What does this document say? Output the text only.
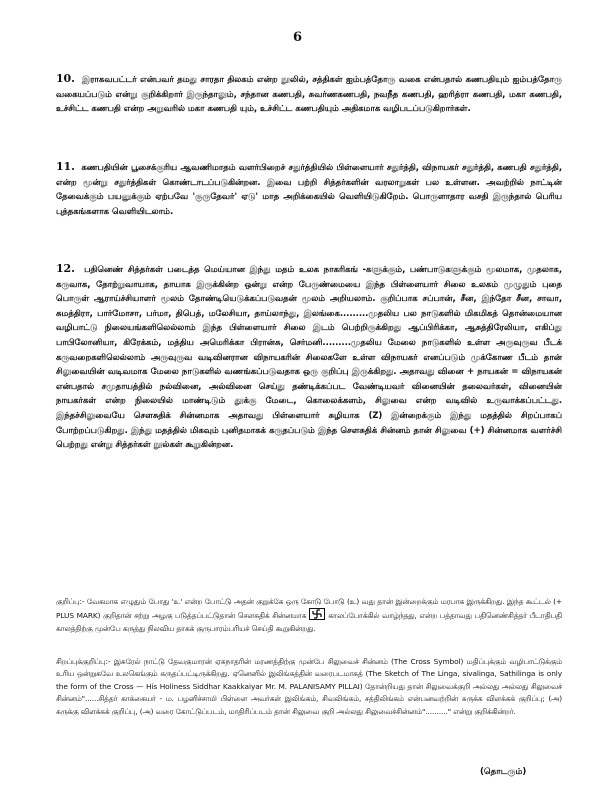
6
10. இராகவபட்டர் என்பவர் தமது சாரதா திலகம் என்ற நூலில், சத்திகள் ஐம்பத்தோரு வகை என்பதால் கணபதியும் ஐம்பத்தோரு வகையப்படும் என்று குறிக்கிறார் இருந்தாலும், சந்தான கணபதி, சுவர்ணகணபதி, நவநீத கணபதி, ஹரித்ரா கணபதி, மகா கணபதி, உச்சிட்ட கணபதி என்ற அறுவரில் மகா கணபதி யும், உச்சிட்ட கணபதியும் அதிகமாக வழிபடப்படுகிறார்கள்.
11. கணபதியின் பூசைக்குரிய ஆவணிமாதம் வளர்பிறைச் சதுர்த்தியில் பிள்ளையார் சதுர்த்தி, விநாயகர் சதுர்த்தி, கணபதி சதுர்த்தி, என்ற மூன்று சதுர்த்திகள் கொண்டாடப்படுகின்றன. இவை பற்றி சித்தர்களின் வரலாறுகள் பல உள்ளன. அவற்றில் நாட்டின் தேவைக்கும் பயனுக்கும் ஏற்பவே 'குருதேவர்' ஏடு' மாத அறிக்கையில் வெளியிடுகிறேம். பொருளாதார வசதி இருந்தால் பெரிய புத்தகங்களாக வெளியிடலாம்.
12. பதினெண் சித்தர்கள் படைத்த மெய்யான இந்து மதம் உலக நாகரிகங் -களுக்கும், பண்பாடுகளுக்கும் மூலமாக, முதலாக, கருவாக, தோற்றுவாயாக, தாயாக இருக்கின்ற ஒன்று என்ற பேருண்மையை இந்த பிள்ளையார் சிலை உலகம் முழுதும் புதை பொருள் ஆராய்ச்சியாளர் மூலம் தோண்டியெடுக்கப்படுவதன் மூலம் அறியலாம். குறிப்பாக சப்பான், சீன, இந்தோ சீன, சாவா, சுமத்திரா, பார்மோசா, பர்மா, திபெத், மலேசியா, தாய்லாந்து, இலங்கை.........முதலிய பல நாடுகளில் மிகமிகத் தொன்மையான வழிபாட்டு நிலையங்களிலெல்லாம் இந்த பிள்ளையார் சிலை இடம் பெற்றிருக்கிறது ஆப்பிரிக்கா, ஆசுத்திரேலியா, எகிப்து பாபிலோனியா, கிரேக்கம், மத்திய அமெரிக்கா பிரான்சு, செர்மனி.........முதலிய மேலை நாடுகளில் உள்ள அருவுருவ பீடக் கருவறைகளிலெல்லாம் அருவுருவ வடிவினரான விநாயகரின் சிலைகளே உள்ள விநாயகர் எனப்படும் முக்கோண பீடம் தான் சிலுவையின் வடிவமாக மேலை நாடுகளில் வணங்கப்படுவதாக ஒரு குறிப்பு இருக்கிறது. அதாவது வினை + நாயகன் = விநாயகன் என்பதால் சமுதாயத்தில் நல்வினை, அல்வினை செய்து தண்டிக்கப்பட வேண்டியவர் வினையின் தலைவர்கள், வினையின் நாயகர்கள் என்ற நிலையில் மாண்டிடும் தூக்கு மேடை, கொலைக்களம், சிலுவை என்ற வடிவில் உருவாக்கப்பட்டது. இந்தச்சிலுவையே சௌசுதிக் சின்னமாக அதாவது பிள்ளையார் சுழியாக (Z) இன்றைக்கும் இந்து மதத்தில் சிறப்பாகப் போற்றப்படுகிறது. இந்து மதத்தில் மிகவும் புனிதமாகக் கருதப்படும் இந்த சௌசுதிக் சின்னம் தான் சிலுவை (+) சின்னமாக வளர்ச்சி பெற்றது என்று சித்தர்கள் நூல்கள் கூறுகின்றன.
குறிப்பு:- வேகமாக எழுதும் போது 'உ' என்ற போட்டு அதன் குறுக்கே ஒரு கோடு போடு (உ) வது தான் இன்றைக்கும் மரபாக இருக்கிறது. இந்த கூட்டல் (+ PLUS MARK) குறிதான் சற்று அழகு படுத்தப்பட்டுதான் சௌசுதிக் சின்னமாக	காலப்போக்கில் வாழ்ந்தது, என்ற பத்தாவது பதினெண்சித்தர் பீடாதிபதி காலத்திற்கு முன்பே கருத்து நிலவிய தாகக் குருபாரம்பரியச் செய்தி கூறுகின்றது.
சிறப்புக்குறிப்பு:- இசுரேல் நாட்டு தேவகுமாரன் ஏசுநாதரின் மரணத்திற்கு முன்பே சிலுவைச் சின்னம் (The Cross Symbol) மதிப்புக்கும் வழிபாட்டுக்கும் உரிய ஒன்றுகவே உலகெங்கும் கருதப்பட்டிருக்கிறது. ஏனெனில் இலிங்கத்தின் வரைபடமாகத் (The Sketch of The Linga, sivalinga, Sathilinga is only the form of the Cross — His Holiness Siddhar Kaakkaiyar Mr. M. PALANISAMY PILLAI) தோன்றியது தான் சிலுவைக்குறி அல்லது அல்லது சிலுவைச் சின்னம்"......சித்தர் காக்கையர் - ம. பழனிச்சாமி பிள்ளை அவர்கள் இலிங்கம், சிவலிங்கம், சத்திலிங்கம் என்பனவற்றின் சுருக்க விளக்கக் குறிப்பு; (அ) சுருக்கு விளக்கக் குறிப்பு, (அ) வரை கோட்டுப்படம், மாதிரிப்படம் தான் சிலுவை குறி அல்லது சிலுவைச்சின்னம்".........." என்று குறிக்கின்றர்.
(தொடரும்)
